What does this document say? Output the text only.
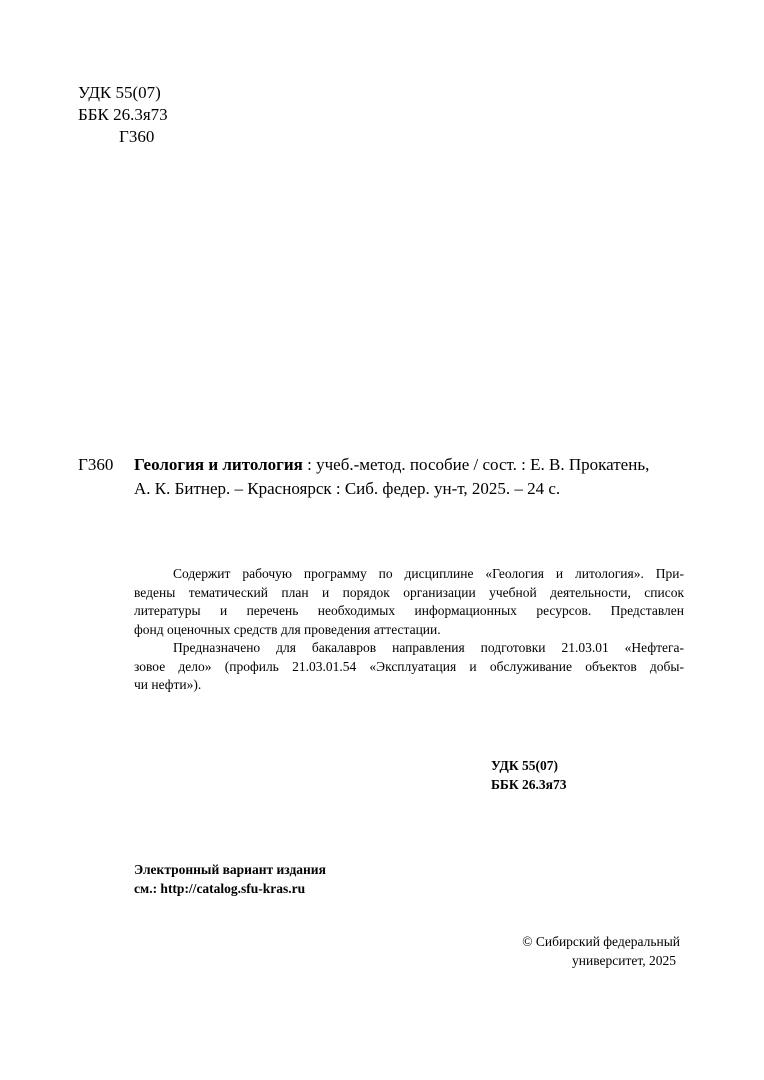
УДК 55(07)
ББК 26.3я73
Г360
Г360 Геология и литология : учеб.-метод. пособие / сост. : Е. В. Прокатень,
А. К. Битнер. – Красноярск : Сиб. федер. ун-т, 2025. – 24 с.
Содержит рабочую программу по дисциплине «Геология и литология». При-
ведены тематический план и порядок организации учебной деятельности, список
литературы и перечень необходимых информационных ресурсов. Представлен
фонд оценочных средств для проведения аттестации.
Предназначено для бакалавров направления подготовки 21.03.01 «Нефтега-
зовое дело» (профиль 21.03.01.54 «Эксплуатация и обслуживание объектов добы-
чи нефти»).
УДК 55(07)
ББК 26.3я73
Электронный вариант издания
см.: http://catalog.sfu-kras.ru
© Сибирский федеральный
университет, 2025
